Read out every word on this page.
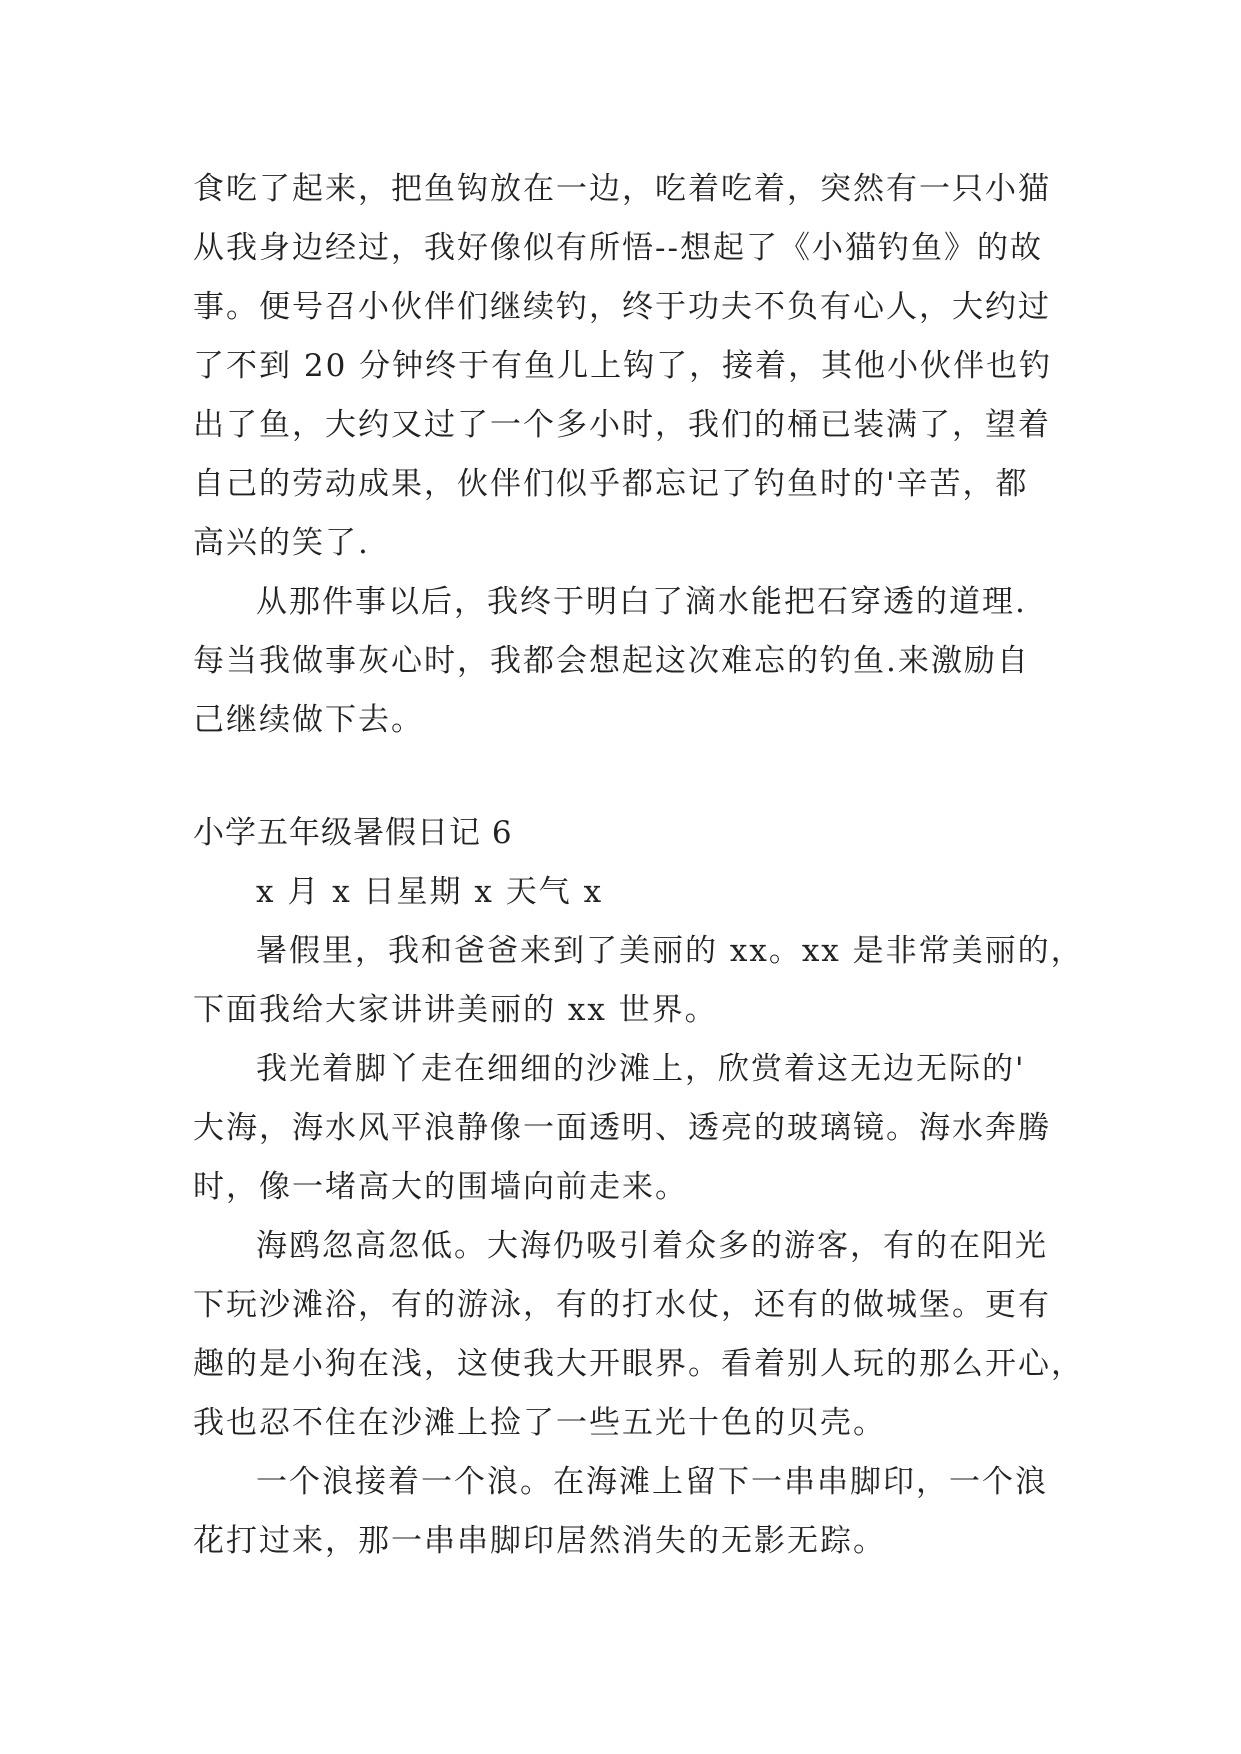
食吃了起来，把鱼钩放在一边，吃着吃着，突然有一只小猫
从我身边经过，我好像似有所悟--想起了《小猫钓鱼》的故
事。便号召小伙伴们继续钓，终于功夫不负有心人，大约过
了不到 20 分钟终于有鱼儿上钩了，接着，其他小伙伴也钓
出了鱼，大约又过了一个多小时，我们的桶已装满了，望着
自己的劳动成果，伙伴们似乎都忘记了钓鱼时的'辛苦，都
高兴的笑了.
从那件事以后，我终于明白了滴水能把石穿透的道理.
每当我做事灰心时，我都会想起这次难忘的钓鱼.来激励自
己继续做下去。
小学五年级暑假日记 6
x 月 x 日星期 x 天气 x
暑假里，我和爸爸来到了美丽的 xx。xx 是非常美丽的，
下面我给大家讲讲美丽的 xx 世界。
我光着脚丫走在细细的沙滩上，欣赏着这无边无际的'
大海，海水风平浪静像一面透明、透亮的玻璃镜。海水奔腾
时，像一堵高大的围墙向前走来。
海鸥忽高忽低。大海仍吸引着众多的游客，有的在阳光
下玩沙滩浴，有的游泳，有的打水仗，还有的做城堡。更有
趣的是小狗在浅，这使我大开眼界。看着别人玩的那么开心，
我也忍不住在沙滩上捡了一些五光十色的贝壳。
一个浪接着一个浪。在海滩上留下一串串脚印，一个浪
花打过来，那一串串脚印居然消失的无影无踪。
